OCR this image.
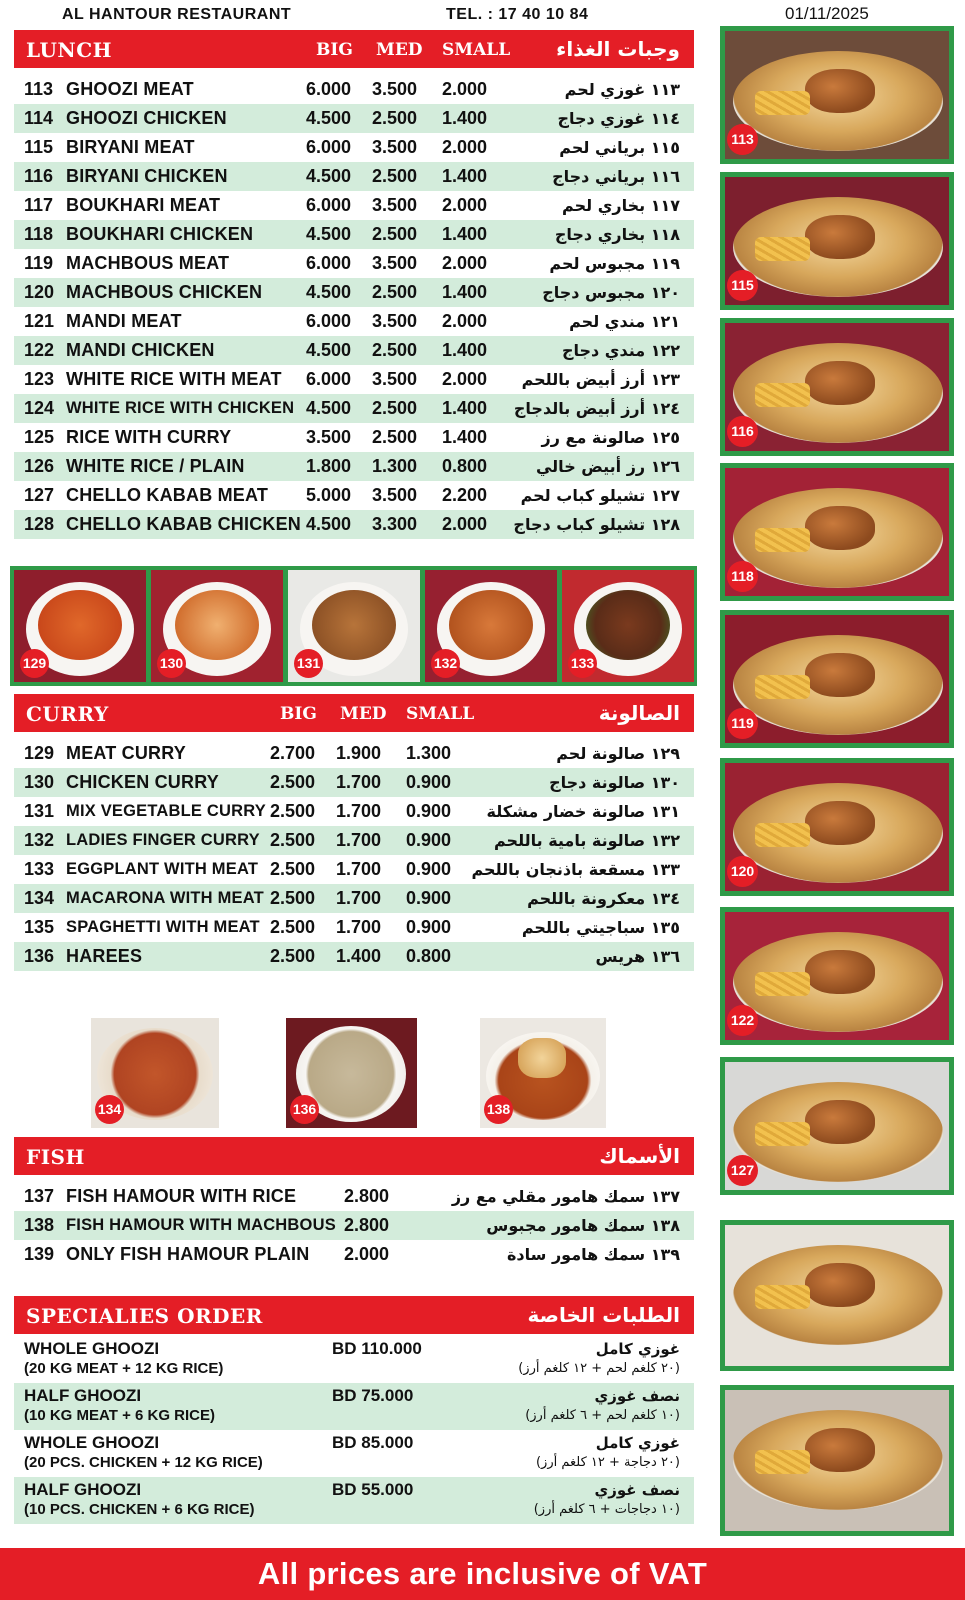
AL HANTOUR RESTAURANT	TEL. : 17 40 10 84	01/11/2025
LUNCH	BIG MED SMALL وجبات الغذاء
113 GHOOZI MEAT	6.000 3.500 2.000	١١٣ غوزي لحم
114 GHOOZI CHICKEN	4.500 2.500 1.400	١١٤ غوزي دجاج
115 BIRYANI MEAT	6.000 3.500 2.000	١١٥ برياني لحم
116 BIRYANI CHICKEN	4.500 2.500 1.400	١١٦ برياني دجاج
117 BOUKHARI MEAT	6.000 3.500 2.000	١١٧ بخاري لحم
118 BOUKHARI CHICKEN	4.500 2.500 1.400	١١٨ بخاري دجاج
119 MACHBOUS MEAT	6.000 3.500 2.000	١١٩ مجبوس لحم
120 MACHBOUS CHICKEN 4.500 2.500 1.400	١٢٠ مجبوس دجاج
121 MANDI MEAT	6.000 3.500 2.000	١٢١ مندي لحم
122 MANDI CHICKEN	4.500 2.500 1.400	١٢٢ مندي دجاج
123 WHITE RICE WITH MEAT 6.000 3.500 2.000 ١٢٣ أرز أبيض باللحم
124 WHITE RICE WITH CHICKEN 4.500 2.500 1.400 ١٢٤ أرز أبيض بالدجاج
125 RICE WITH CURRY	3.500 2.500 1.400	١٢٥ صالونة مع رز
126 WHITE RICE / PLAIN	1.800 1.300 0.800	١٢٦ رز أبيض خالي
127 CHELLO KABAB MEAT 5.000 3.500 2.200 ١٢٧ تشيلو كباب لحم
128 CHELLO KABAB CHICKEN 4.500 3.300 2.000 ١٢٨ تشيلو كباب دجاج
129	130	131	132	133
CURRY	BIG MED SMALL	الصالونة
129 MEAT CURRY	2.700 1.900 1.300	١٢٩ صالونة لحم
130 CHICKEN CURRY	2.500 1.700 0.900	١٣٠ صالونة دجاج
131 MIX VEGETABLE CURRY 2.500 1.700 0.900 ١٣١ صالونة خضار مشكلة
132 LADIES FINGER CURRY 2.500 1.700 0.900	١٣٢ صالونة بامية باللحم
133 EGGPLANT WITH MEAT 2.500 1.700 0.900 ١٣٣ مسقعة باذنجان باللحم
134 MACARONA WITH MEAT 2.500 1.700 0.900	١٣٤ معكرونة باللحم
135 SPAGHETTI WITH MEAT 2.500 1.700 0.900	١٣٥ سباجيتي باللحم
136 HAREES	2.500 1.400 0.800	١٣٦ هريس
134	136	138
FISH	الأسماك
137 FISH HAMOUR WITH RICE	2.800	١٣٧ سمك هامور مقلي مع رز
138 FISH HAMOUR WITH MACHBOUS 2.800	١٣٨ سمك هامور مجبوس
139 ONLY FISH HAMOUR PLAIN 2.000	١٣٩ سمك هامور سادة
SPECIALIES ORDER	الطلبات الخاصة
WHOLE GHOOZI
(20 KG MEAT + 12 KG RICE)
BD 110.000	غوزي كامل
(٢٠ كلغم لحم + ١٢ كلغم أرز)
HALF GHOOZI
(10 KG MEAT + 6 KG RICE)
BD 75.000	نصف غوزي
(١٠ كلغم لحم + ٦ كلغم أرز)
WHOLE GHOOZI
(20 PCS. CHICKEN + 12 KG RICE)
BD 85.000	غوزي كامل
(٢٠ دجاجة + ١٢ كلغم أرز)
HALF GHOOZI
(10 PCS. CHICKEN + 6 KG RICE)
BD 55.000	نصف غوزي
(١٠ دجاجات + ٦ كلغم أرز)
113
115
116
118
119
120
122
127
All prices are inclusive of VAT
